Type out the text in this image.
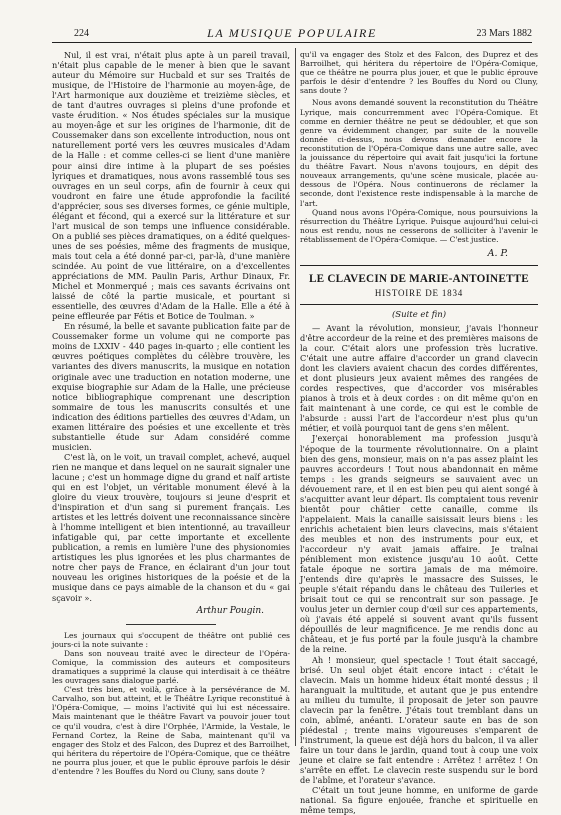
224	LA MUSIQUE POPULAIRE	23 Mars 1882

Nul, il est vrai, n'était plus apte à un pareil travail, n'était plus capable de le mener à bien que le savant auteur du Mémoire sur Hucbald et sur ses Traités de musique, de l'Histoire de l'harmonie au moyen-âge, de l'Art harmonique aux douzième et treizième siècles, et de tant d'autres ouvrages si pleins d'une profonde et vaste érudition. « Nos études spéciales sur la musique au moyen-âge et sur les origines de l'harmonie, dit de Coussemaker dans son excellente introduction, nous ont naturellement porté vers les œuvres musicales d'Adam de la Halle : et comme celles-ci se lient d'une manière pour ainsi dire intime à la plupart de ses poésies lyriques et dramatiques, nous avons rassemblé tous ses ouvrages en un seul corps, afin de fournir à ceux qui voudront en faire une étude approfondie la facilité d'apprécier, sous ses diverses formes, ce génie multiple, élégant et fécond, qui a exercé sur la littérature et sur l'art musical de son temps une influence considérable. On a publié ses pièces dramatiques, on a édité quelques-unes de ses poésies, même des fragments de musique, mais tout cela a été donné par-ci, par-là, d'une manière scindée. Au point de vue littéraire, on a d'excellentes appréciations de MM. Paulin Paris, Arthur Dinaux, Fr. Michel et Monmerqué ; mais ces savants écrivains ont laissé de côté la partie musicale, et pourtant si essentielle, des œuvres d'Adam de la Halle. Elle a été à peine effleurée par Fétis et Botice de Toulman. »

En résumé, la belle et savante publication faite par de Coussemaker forme un volume qui ne comporte pas moins de LXXIV - 440 pages in-quarto ; elle contient les œuvres poétiques complètes du célèbre trouvère, les variantes des divers manuscrits, la musique en notation originale avec une traduction en notation moderne, une exquise biographie sur Adam de la Halle, une précieuse notice bibliographique comprenant une description sommaire de tous les manuscrits consultés et une indication des éditions partielles des œuvres d'Adam, un examen littéraire des poésies et une excellente et très substantielle étude sur Adam considéré comme musicien.

C'est là, on le voit, un travail complet, achevé, auquel rien ne manque et dans lequel on ne saurait signaler une lacune ; c'est un hommage digne du grand et naïf artiste qui en est l'objet, un véritable monument élevé à la gloire du vieux trouvère, toujours si jeune d'esprit et d'inspiration et d'un sang si purement français. Les artistes et les lettrés doivent une reconnaissance sincère à l'homme intelligent et bien intentionné, au travailleur infatigable qui, par cette importante et excellente publication, a remis en lumière l'une des physionomies artistiques les plus ignorées et les plus charmantes de notre cher pays de France, en éclairant d'un jour tout nouveau les origines historiques de la poésie et de la musique dans ce pays aimable de la chanson et du « gai sçavoir ».

Arthur Pougin.

Les journaux qui s'occupent de théâtre ont publié ces jours-ci la note suivante :

Dans son nouveau traité avec le directeur de l'Opéra-Comique, la commission des auteurs et compositeurs dramatiques a supprimé la clause qui interdisait à ce théâtre les ouvrages sans dialogue parlé.

C'est très bien, et voilà, grâce à la persévérance de M. Carvalho, son but atteint, et le Théâtre Lyrique reconstitué à l'Opéra-Comique, — moins l'activité qui lui est nécessaire. Mais maintenant que le théâtre Favart va pouvoir jouer tout ce qu'il voudra, c'est à dire l'Orphée, l'Armide, la Vestale, le Fernand Cortez, la Reine de Saba, maintenant qu'il va engager des Stolz et des Falcon, des Duprez et des Barroilhet, qui héritera du répertoire de l'Opéra-Comique, que ce théâtre ne pourra plus jouer, et que le public éprouve parfois le désir d'entendre ? les Bouffes du Nord ou Cluny, sans doute ?

qu'il va engager des Stolz et des Falcon, des Duprez et des Barroilhet, qui héritera du répertoire de l'Opéra-Comique, que ce théâtre ne pourra plus jouer, et que le public éprouve parfois le désir d'entendre ? les Bouffes du Nord ou Cluny, sans doute ?

Nous avons demandé souvent la reconstitution du Théâtre Lyrique, mais concurremment avec l'Opéra-Comique. Et comme en dernier théâtre ne peut se dédoubler, et que son genre va évidemment changer, par suite de la nouvelle donnée ci-dessus, nous devons demander encore la reconstitution de l'Opéra-Comique dans une autre salle, avec la jouissance du répertoire qui avait fait jusqu'ici la fortune du théâtre Favart. Nous n'avons toujours, en dépit des nouveaux arrangements, qu'une scène musicale, placée au-dessous de l'Opéra. Nous continuerons de réclamer la seconde, dont l'existence reste indispensable à la marche de l'art.

Quand nous avons l'Opéra-Comique, nous poursuivions la résurrection du Théâtre Lyrique. Puisque aujourd'hui celui-ci nous est rendu, nous ne cesserons de solliciter à l'avenir le rétablissement de l'Opéra-Comique. — C'est justice.

A. P.
LE CLAVECIN DE MARIE-ANTOINETTE
HISTOIRE DE 1834
(Suite et fin)

— Avant la révolution, monsieur, j'avais l'honneur d'être accordeur de la reine et des premières maisons de la cour. C'était alors une profession très lucrative. C'était une autre affaire d'accorder un grand clavecin dont les claviers avaient chacun des cordes différentes, et dont plusieurs jeux avaient mêmes des rangées de cordes respectives, que d'accorder vos misérables pianos à trois et à deux cordes : on dit même qu'on en fait maintenant à une corde, ce qui est le comble de l'absurde : aussi l'art de l'accordeur n'est plus qu'un métier, et voilà pourquoi tant de gens s'en mêlent.

J'exerçai honorablement ma profession jusqu'à l'époque de la tourmente révolutionnaire. On a plaint bien des gens, monsieur, mais on n'a pas assez plaint les pauvres accordeurs ! Tout nous abandonnait en même temps : les grands seigneurs se sauvaient avec un dévouement rare, et il en est bien peu qui aient songé à s'acquitter avant leur départ. Ils comptaient tous revenir bientôt pour châtier cette canaille, comme ils l'appelaient. Mais la canaille saisissait leurs biens : les enrichis achetaient bien leurs clavecins, mais s'étaient des meubles et non des instruments pour eux, et l'accordeur n'y avait jamais affaire. Je traînai péniblement mon existence jusqu'au 10 août. Cette fatale époque ne sortira jamais de ma mémoire. J'entends dire qu'après le massacre des Suisses, le peuple s'était répandu dans le château des Tuileries et brisait tout ce qui se rencontrait sur son passage. Je voulus jeter un dernier coup d'œil sur ces appartements, où j'avais été appelé si souvent avant qu'ils fussent dépouillés de leur magnificence. Je me rendis donc au château, et je fus porté par la foule jusqu'à la chambre de la reine.

Ah ! monsieur, quel spectacle ! Tout était saccagé, brisé. Un seul objet était encore intact : c'était le clavecin. Mais un homme hideux était monté dessus ; il haranguait la multitude, et autant que je pus entendre au milieu du tumulte, il proposait de jeter son pauvre clavecin par la fenêtre. J'étais tout tremblant dans un coin, abîmé, anéanti. L'orateur saute en bas de son piédestal ; trente mains vigoureuses s'emparent de l'instrument, la queue est déjà hors du balcon, il va aller faire un tour dans le jardin, quand tout à coup une voix jeune et claire se fait entendre : Arrêtez ! arrêtez ! On s'arrête en effet. Le clavecin reste suspendu sur le bord de l'abîme, et l'orateur s'avance.

C'était un tout jeune homme, en uniforme de garde national. Sa figure enjouée, franche et spirituelle en même temps,
